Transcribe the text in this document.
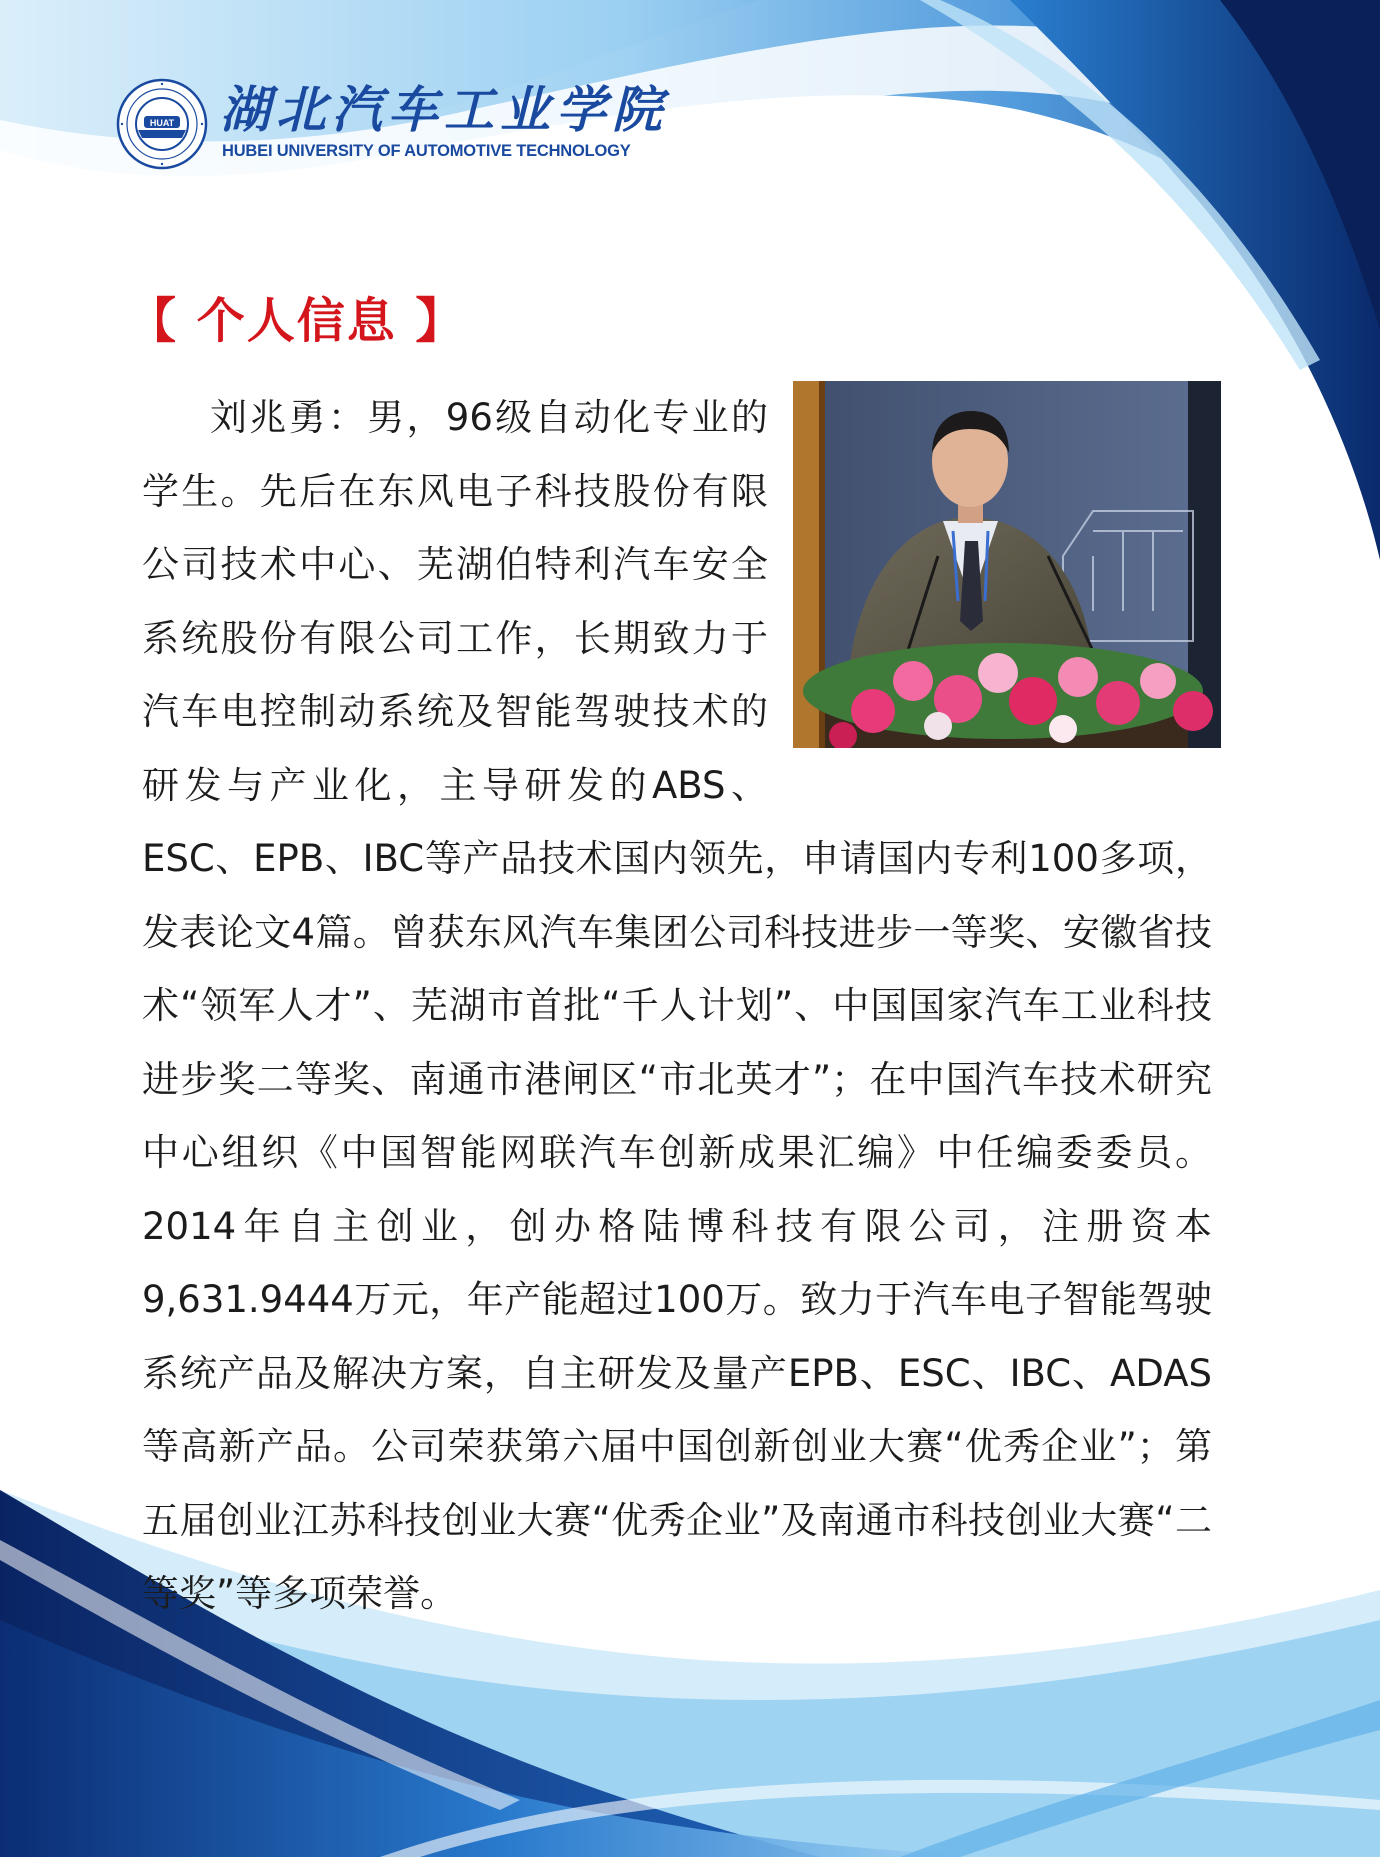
HUAT 湖北汽车工业学院
HUBEI UNIVERSITY OF AUTOMOTIVE TECHNOLOGY
【 个人信息 】

刘兆勇：男，96级自动化专业的学生。先后在东风电子科技股份有限公司技术中心、芜湖伯特利汽车安全系统股份有限公司工作，长期致力于汽车电控制动系统及智能驾驶技术的研发与产业化，主导研发的ABS、ESC、EPB、IBC等产品技术国内领先，申请国内专利100多项，发表论文4篇。曾获东风汽车集团公司科技进步一等奖、安徽省技术“领军人才”、芜湖市首批“千人计划”、中国国家汽车工业科技进步奖二等奖、南通市港闸区“市北英才”；在中国汽车技术研究中心组织《中国智能网联汽车创新成果汇编》中任编委委员。2014年自主创业，创办格陆博科技有限公司，注册资本9,631.9444万元，年产能超过100万。致力于汽车电子智能驾驶系统产品及解决方案，自主研发及量产EPB、ESC、IBC、ADAS等高新产品。公司荣获第六届中国创新创业大赛“优秀企业”；第五届创业江苏科技创业大赛“优秀企业”及南通市科技创业大赛“二等奖”等多项荣誉。
